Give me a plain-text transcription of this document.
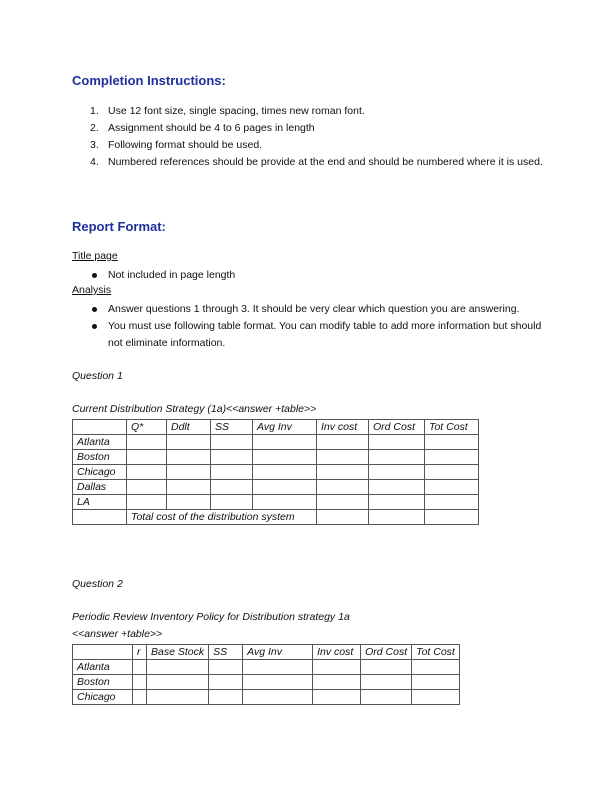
Completion Instructions:
1. Use 12 font size, single spacing, times new roman font.
2. Assignment should be 4 to 6 pages in length
3. Following format should be used.
4. Numbered references should be provide at the end and should be numbered where it is used.
Report Format:
Title page
Not included in page length
Analysis
Answer questions 1 through 3. It should be very clear which question you are answering.
You must use following table format. You can modify table to add more information but should not eliminate information.
Question 1
Current Distribution Strategy (1a)<<answer +table>>
	Q*	Ddlt	SS	Avg Inv	Inv cost	Ord Cost	Tot Cost
Atlanta							
Boston							
Chicago							
Dallas							
LA							
	Total cost of the distribution system						
Question 2
Periodic Review Inventory Policy for Distribution strategy 1a
<<answer +table>>
	r	Base Stock	SS	Avg Inv	Inv cost	Ord Cost	Tot Cost
Atlanta							
Boston							
Chicago							
